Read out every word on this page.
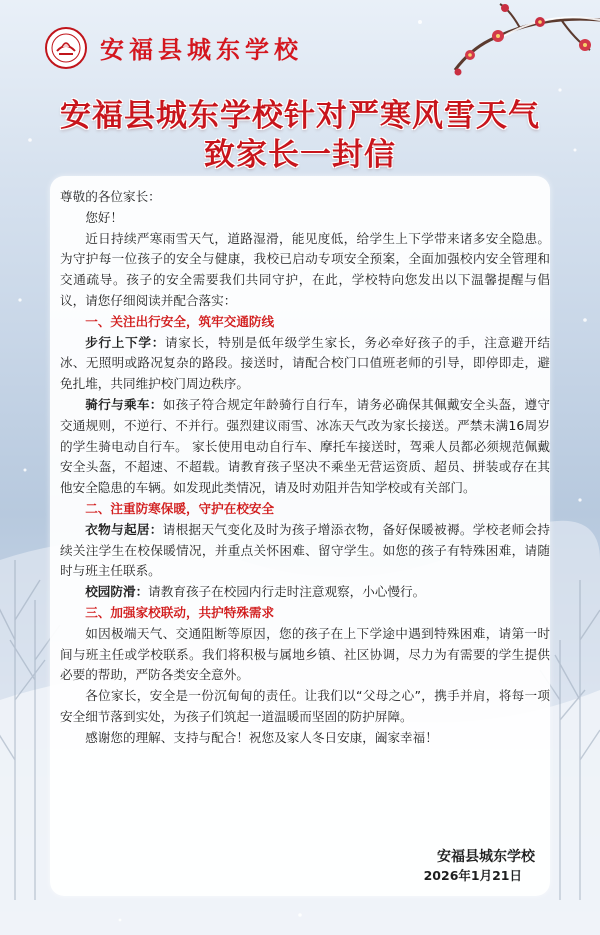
安福县城东学校
安福县城东学校针对严寒风雪天气
致家长一封信

尊敬的各位家长：

您好！

近日持续严寒雨雪天气，道路湿滑，能见度低，给学生上下学带来诸多安全隐患。为守护每一位孩子的安全与健康，我校已启动专项安全预案，全面加强校内安全管理和交通疏导。孩子的安全需要我们共同守护，在此，学校特向您发出以下温馨提醒与倡议，请您仔细阅读并配合落实：

一、关注出行安全，筑牢交通防线

步行上下学：请家长，特别是低年级学生家长，务必牵好孩子的手，注意避开结冰、无照明或路况复杂的路段。接送时，请配合校门口值班老师的引导，即停即走，避免扎堆，共同维护校门周边秩序。

骑行与乘车：如孩子符合规定年龄骑行自行车，请务必确保其佩戴安全头盔，遵守交通规则，不逆行、不并行。强烈建议雨雪、冰冻天气改为家长接送。严禁未满16周岁的学生骑电动自行车。 家长使用电动自行车、摩托车接送时，驾乘人员都必须规范佩戴安全头盔，不超速、不超载。请教育孩子坚决不乘坐无营运资质、超员、拼装或存在其他安全隐患的车辆。如发现此类情况，请及时劝阻并告知学校或有关部门。

二、注重防寒保暖，守护在校安全

衣物与起居：请根据天气变化及时为孩子增添衣物，备好保暖被褥。学校老师会持续关注学生在校保暖情况，并重点关怀困难、留守学生。如您的孩子有特殊困难，请随时与班主任联系。

校园防滑：请教育孩子在校园内行走时注意观察，小心慢行。

三、加强家校联动，共护特殊需求

如因极端天气、交通阻断等原因，您的孩子在上下学途中遇到特殊困难，请第一时间与班主任或学校联系。我们将积极与属地乡镇、社区协调，尽力为有需要的学生提供必要的帮助，严防各类安全意外。

各位家长，安全是一份沉甸甸的责任。让我们以“父母之心”，携手并肩，将每一项安全细节落到实处，为孩子们筑起一道温暖而坚固的防护屏障。

感谢您的理解、支持与配合！祝您及家人冬日安康，阖家幸福！

安福县城东学校
2026年1月21日
